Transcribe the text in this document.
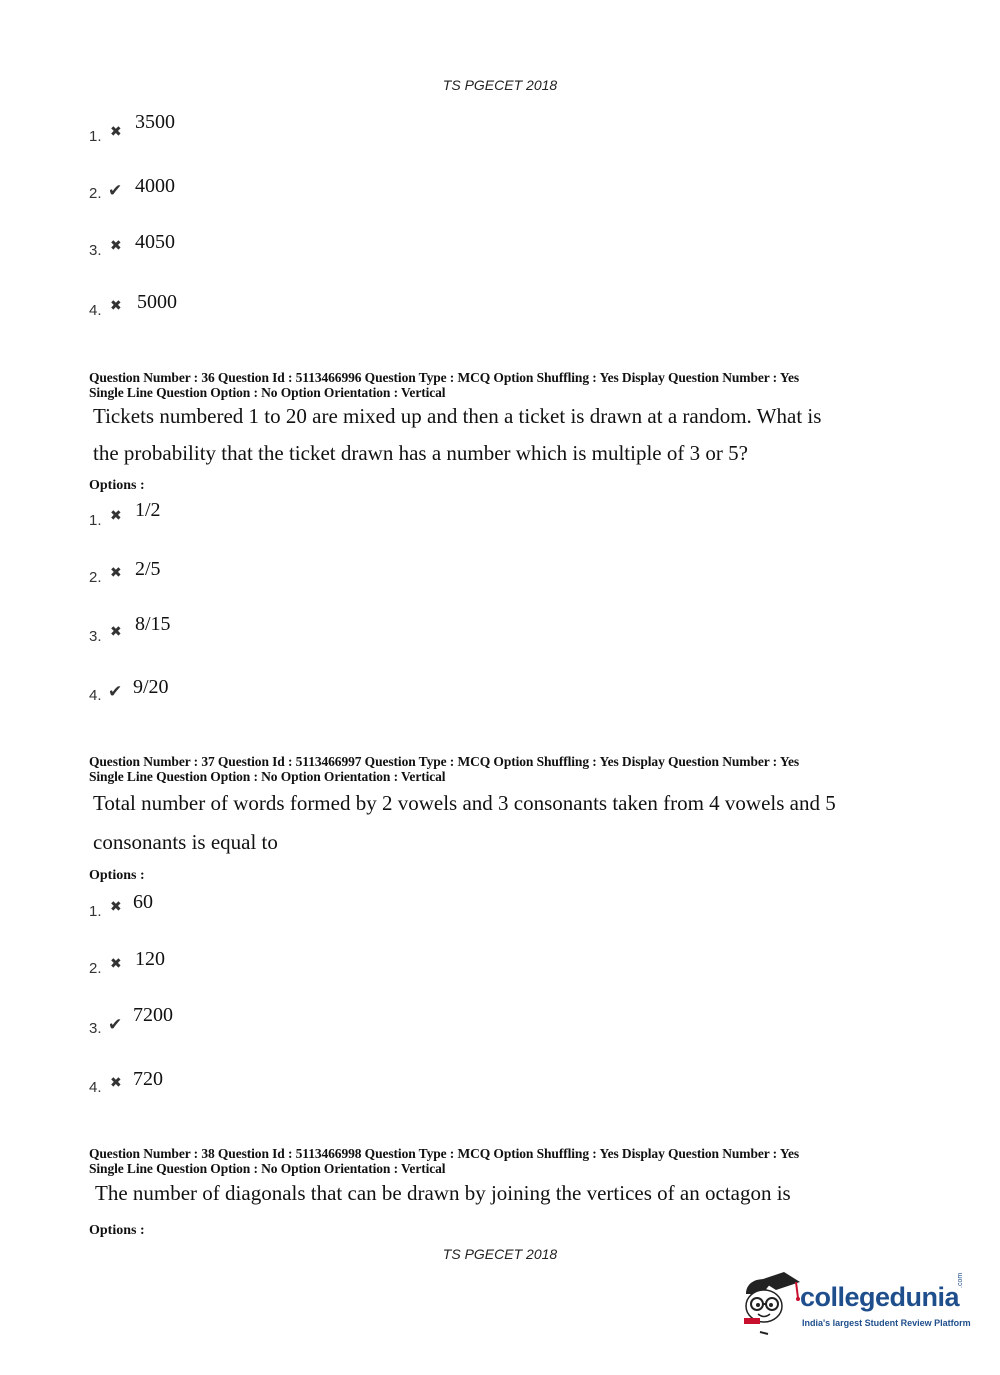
TS PGECET 2018
1. ✖ 3500
2. ✔ 4000
3. ✖ 4050
4. ✖ 5000
Question Number : 36 Question Id : 5113466996 Question Type : MCQ Option Shuffling : Yes Display Question Number : Yes
Single Line Question Option : No Option Orientation : Vertical
Tickets numbered 1 to 20 are mixed up and then a ticket is drawn at a random. What is
the probability that the ticket drawn has a number which is multiple of 3 or 5?
Options :
1. ✖ 1/2
2. ✖ 2/5
3. ✖ 8/15
4. ✔ 9/20
Question Number : 37 Question Id : 5113466997 Question Type : MCQ Option Shuffling : Yes Display Question Number : Yes
Single Line Question Option : No Option Orientation : Vertical
Total number of words formed by 2 vowels and 3 consonants taken from 4 vowels and 5
consonants is equal to
Options :
1. ✖ 60
2. ✖ 120
3. ✔ 7200
4. ✖ 720
Question Number : 38 Question Id : 5113466998 Question Type : MCQ Option Shuffling : Yes Display Question Number : Yes
Single Line Question Option : No Option Orientation : Vertical
The number of diagonals that can be drawn by joining the vertices of an octagon is
Options :
TS PGECET 2018
collegedunia
.com
India's largest Student Review Platform
